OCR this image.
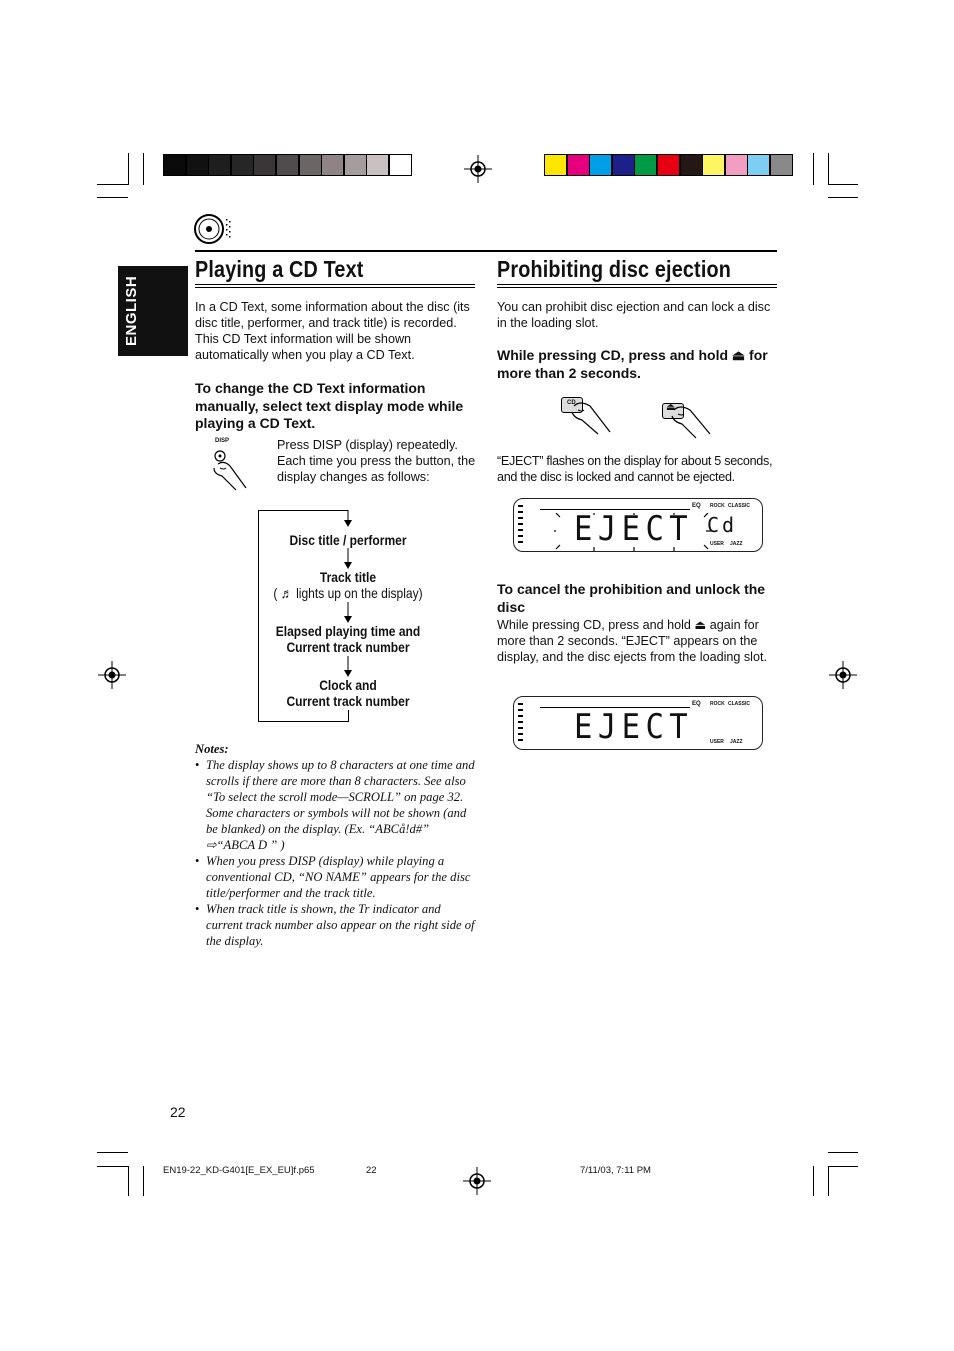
ENGLISH
Playing a CD Text
In a CD Text, some information about the disc (its disc title, performer, and track title) is recorded. This CD Text information will be shown automatically when you play a CD Text.
To change the CD Text information manually, select text display mode while playing a CD Text.
DISP	Press DISP (display) repeatedly. Each time you press the button, the display changes as follows:
Disc title / performer
Track title
( ♬ lights up on the display)
Elapsed playing time and
Current track number
Clock and
Current track number
Notes:
• The display shows up to 8 characters at one time and scrolls if there are more than 8 characters. See also “To select the scroll mode—SCROLL” on page 32. Some characters or symbols will not be shown (and be blanked) on the display. (Ex. “ABCå!d#” ⇨“ABCA D ” )
• When you press DISP (display) while playing a conventional CD, “NO NAME” appears for the disc title/performer and the track title.
• When track title is shown, the Tr indicator and current track number also appear on the right side of the display.
Prohibiting disc ejection
You can prohibit disc ejection and can lock a disc in the loading slot.
While pressing CD, press and hold ⏏ for more than 2 seconds.
CD	⏏
“EJECT” flashes on the display for about 5 seconds, and the disc is locked and cannot be ejected.
EQ ROCK CLASSIC
USER JAZZ
EJECT Cd
To cancel the prohibition and unlock the disc
While pressing CD, press and hold ⏏ again for more than 2 seconds. “EJECT” appears on the display, and the disc ejects from the loading slot.
EQ ROCK CLASSIC
USER JAZZ
EJECT
22
EN19-22_KD-G401[E_EX_EU]f.p65	22	7/11/03, 7:11 PM
